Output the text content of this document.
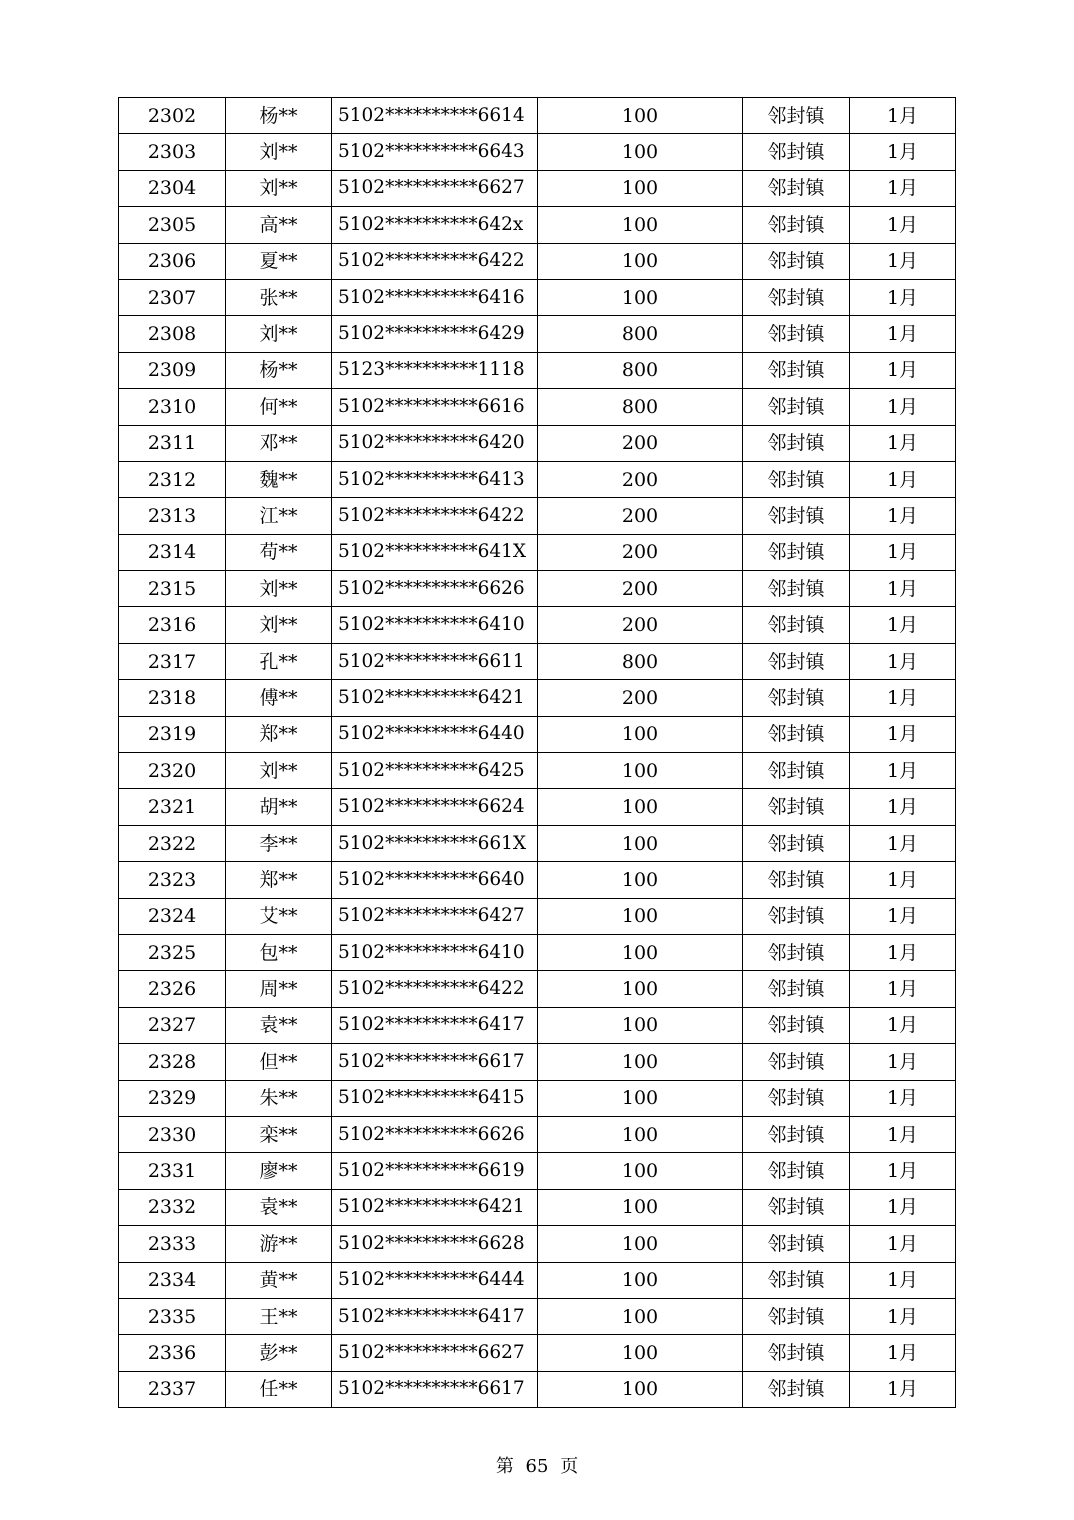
2302	杨**	5102**********6614	100	邻封镇	1月
2303	刘**	5102**********6643	100	邻封镇	1月
2304	刘**	5102**********6627	100	邻封镇	1月
2305	高**	5102**********642x	100	邻封镇	1月
2306	夏**	5102**********6422	100	邻封镇	1月
2307	张**	5102**********6416	100	邻封镇	1月
2308	刘**	5102**********6429	800	邻封镇	1月
2309	杨**	5123**********1118	800	邻封镇	1月
2310	何**	5102**********6616	800	邻封镇	1月
2311	邓**	5102**********6420	200	邻封镇	1月
2312	魏**	5102**********6413	200	邻封镇	1月
2313	江**	5102**********6422	200	邻封镇	1月
2314	苟**	5102**********641X	200	邻封镇	1月
2315	刘**	5102**********6626	200	邻封镇	1月
2316	刘**	5102**********6410	200	邻封镇	1月
2317	孔**	5102**********6611	800	邻封镇	1月
2318	傅**	5102**********6421	200	邻封镇	1月
2319	郑**	5102**********6440	100	邻封镇	1月
2320	刘**	5102**********6425	100	邻封镇	1月
2321	胡**	5102**********6624	100	邻封镇	1月
2322	李**	5102**********661X	100	邻封镇	1月
2323	郑**	5102**********6640	100	邻封镇	1月
2324	艾**	5102**********6427	100	邻封镇	1月
2325	包**	5102**********6410	100	邻封镇	1月
2326	周**	5102**********6422	100	邻封镇	1月
2327	袁**	5102**********6417	100	邻封镇	1月
2328	但**	5102**********6617	100	邻封镇	1月
2329	朱**	5102**********6415	100	邻封镇	1月
2330	栾**	5102**********6626	100	邻封镇	1月
2331	廖**	5102**********6619	100	邻封镇	1月
2332	袁**	5102**********6421	100	邻封镇	1月
2333	游**	5102**********6628	100	邻封镇	1月
2334	黄**	5102**********6444	100	邻封镇	1月
2335	王**	5102**********6417	100	邻封镇	1月
2336	彭**	5102**********6627	100	邻封镇	1月
2337	任**	5102**********6617	100	邻封镇	1月
第 65 页
